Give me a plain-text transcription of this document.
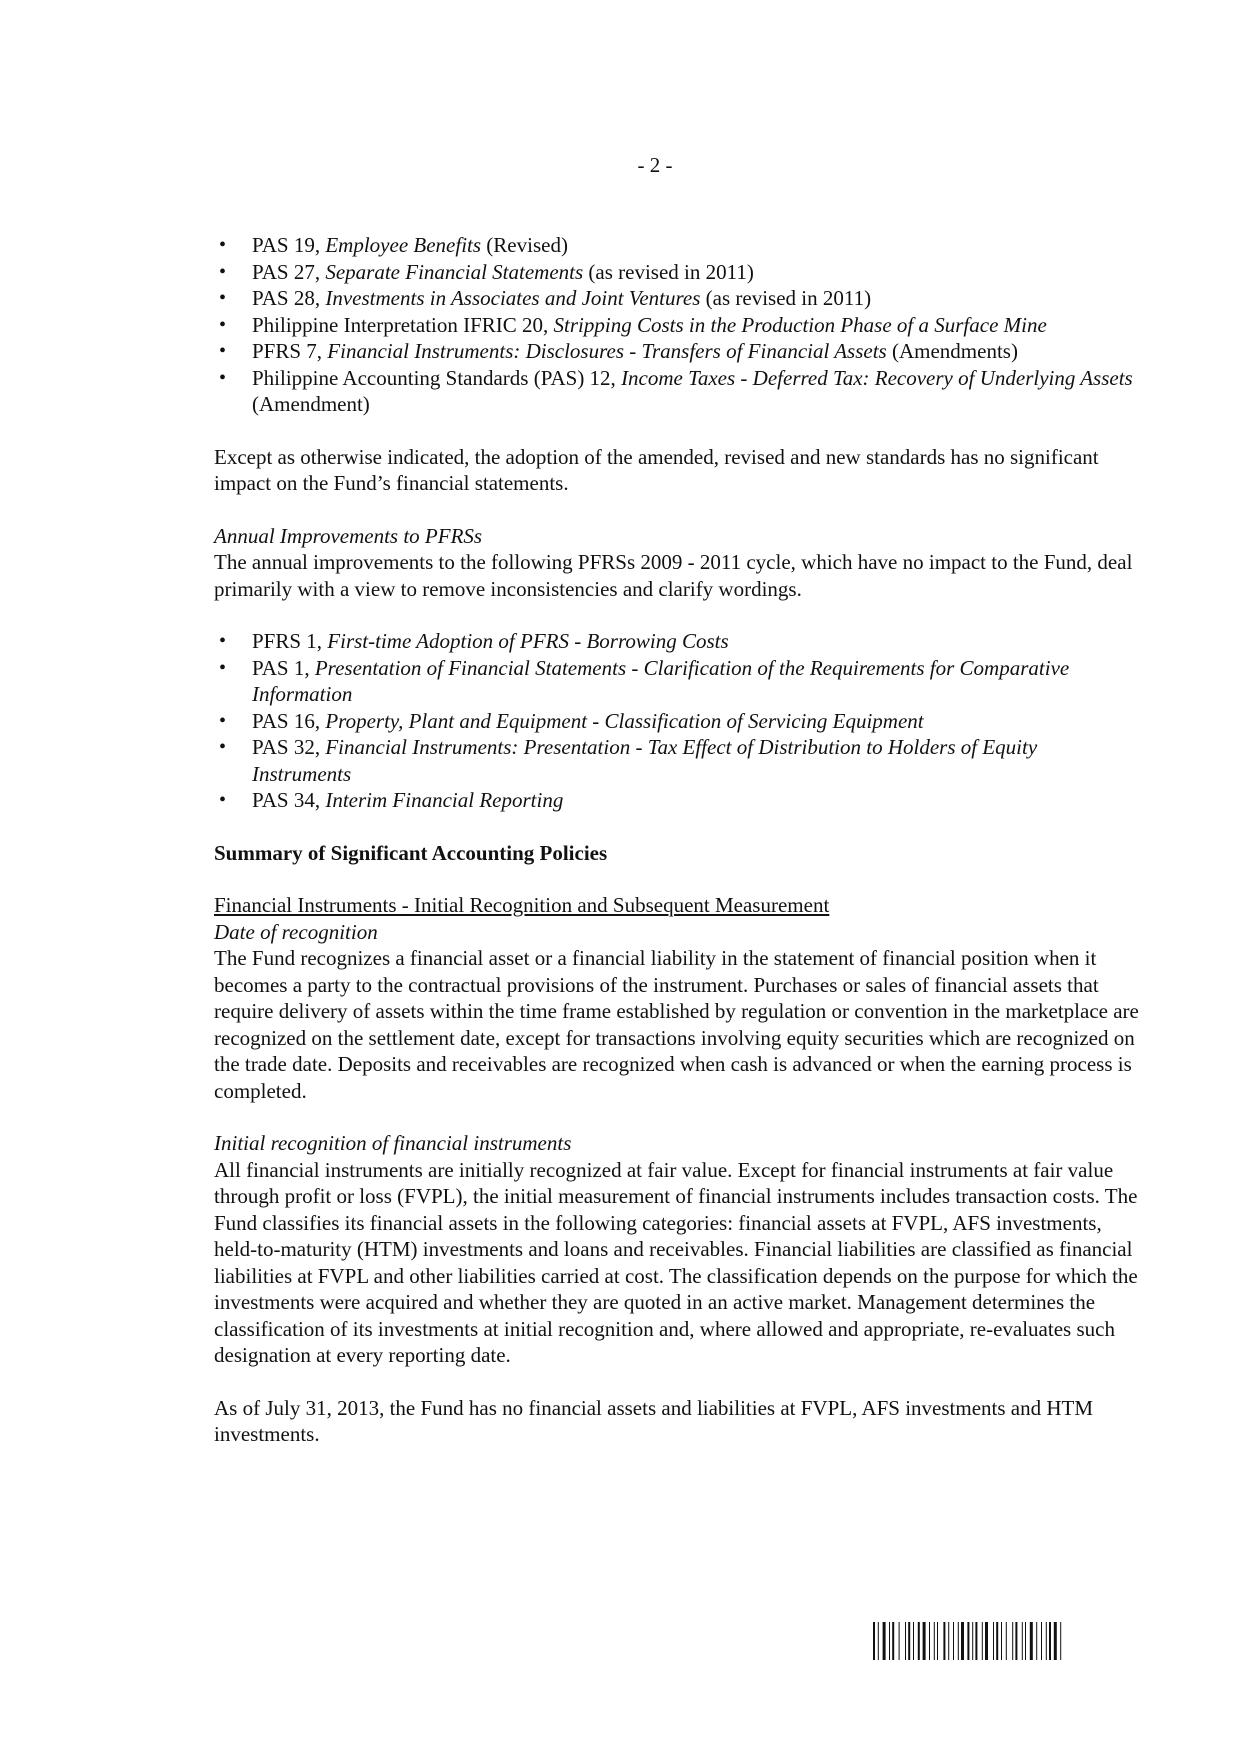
- 2 -
• PAS 19, Employee Benefits (Revised)
• PAS 27, Separate Financial Statements (as revised in 2011)
• PAS 28, Investments in Associates and Joint Ventures (as revised in 2011)
• Philippine Interpretation IFRIC 20, Stripping Costs in the Production Phase of a Surface Mine
• PFRS 7, Financial Instruments: Disclosures - Transfers of Financial Assets (Amendments)
• Philippine Accounting Standards (PAS) 12, Income Taxes - Deferred Tax: Recovery of Underlying Assets (Amendment)

Except as otherwise indicated, the adoption of the amended, revised and new standards has no significant impact on the Fund’s financial statements.

Annual Improvements to PFRSs

The annual improvements to the following PFRSs 2009 - 2011 cycle, which have no impact to the Fund, deal primarily with a view to remove inconsistencies and clarify wordings.

• PFRS 1, First-time Adoption of PFRS - Borrowing Costs
• PAS 1, Presentation of Financial Statements - Clarification of the Requirements for Comparative Information
• PAS 16, Property, Plant and Equipment - Classification of Servicing Equipment
• PAS 32, Financial Instruments: Presentation - Tax Effect of Distribution to Holders of Equity Instruments
• PAS 34, Interim Financial Reporting

Summary of Significant Accounting Policies

Financial Instruments - Initial Recognition and Subsequent Measurement

Date of recognition

The Fund recognizes a financial asset or a financial liability in the statement of financial position when it becomes a party to the contractual provisions of the instrument. Purchases or sales of financial assets that require delivery of assets within the time frame established by regulation or convention in the marketplace are recognized on the settlement date, except for transactions involving equity securities which are recognized on the trade date. Deposits and receivables are recognized when cash is advanced or when the earning process is completed.

Initial recognition of financial instruments

All financial instruments are initially recognized at fair value. Except for financial instruments at fair value through profit or loss (FVPL), the initial measurement of financial instruments includes transaction costs. The Fund classifies its financial assets in the following categories: financial assets at FVPL, AFS investments, held-to-maturity (HTM) investments and loans and receivables. Financial liabilities are classified as financial liabilities at FVPL and other liabilities carried at cost. The classification depends on the purpose for which the investments were acquired and whether they are quoted in an active market. Management determines the classification of its investments at initial recognition and, where allowed and appropriate, re-evaluates such designation at every reporting date.

As of July 31, 2013, the Fund has no financial assets and liabilities at FVPL, AFS investments and HTM investments.
